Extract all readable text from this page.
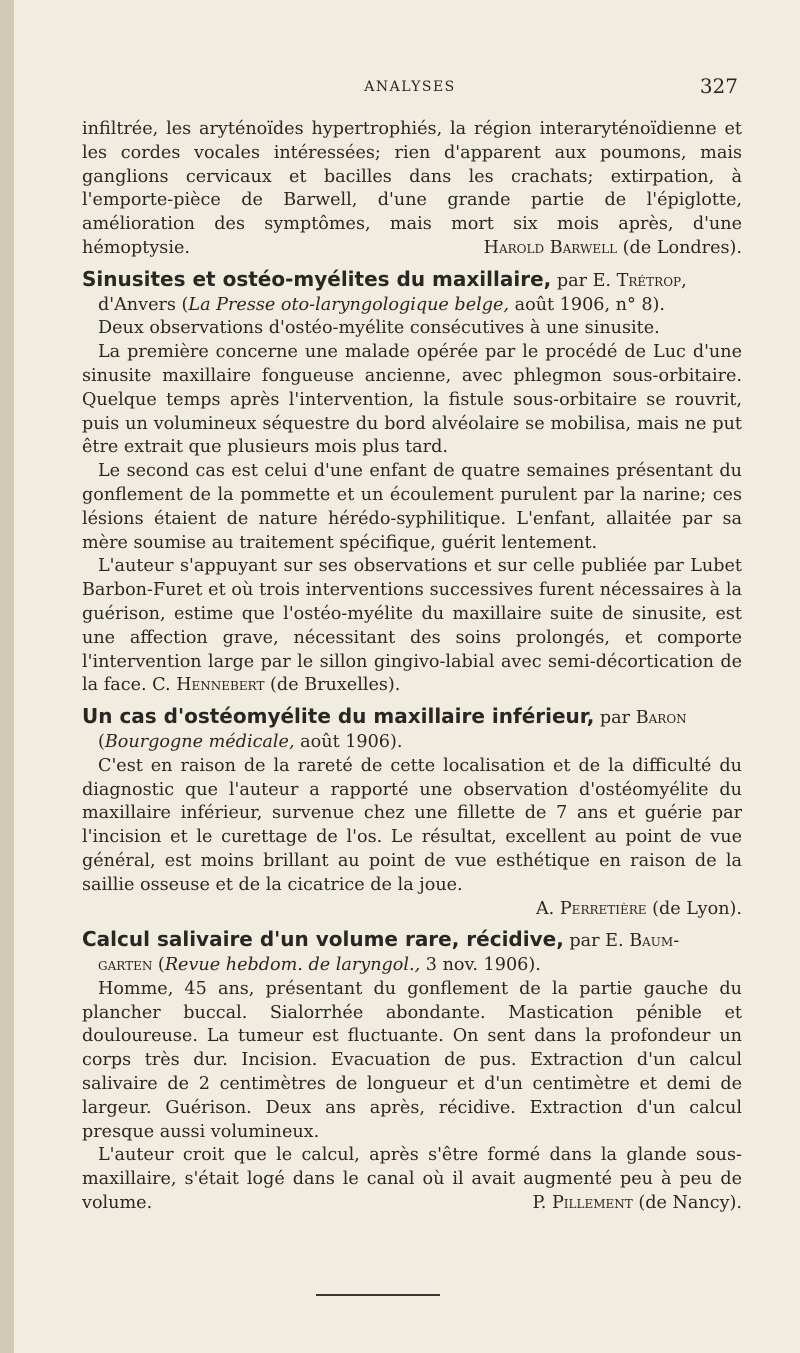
ANALYSES	327

infiltrée, les aryténoïdes hypertrophiés, la région interaryténoïdienne et les cordes vocales intéressées; rien d'apparent aux poumons, mais ganglions cervicaux et bacilles dans les crachats; extirpation, à l'emporte-pièce de Barwell, d'une grande partie de l'épiglotte, amélioration des symptômes, mais mort six mois après, d'une hémoptysie.	Harold Barwell (de Londres).

Sinusites et ostéo-myélites du maxillaire, par E. Trétrop,

d'Anvers (La Presse oto-laryngologique belge, août 1906, n° 8).

Deux observations d'ostéo-myélite consécutives à une sinusite.

La première concerne une malade opérée par le procédé de Luc d'une sinusite maxillaire fongueuse ancienne, avec phlegmon sous-orbitaire. Quelque temps après l'intervention, la fistule sous-orbitaire se rouvrit, puis un volumineux séquestre du bord alvéolaire se mobilisa, mais ne put être extrait que plusieurs mois plus tard.

Le second cas est celui d'une enfant de quatre semaines présentant du gonflement de la pommette et un écoulement purulent par la narine; ces lésions étaient de nature hérédo-syphilitique. L'enfant, allaitée par sa mère soumise au traitement spécifique, guérit lentement.

L'auteur s'appuyant sur ses observations et sur celle publiée par Lubet Barbon-Furet et où trois interventions successives furent nécessaires à la guérison, estime que l'ostéo-myélite du maxillaire suite de sinusite, est une affection grave, nécessitant des soins prolongés, et comporte l'intervention large par le sillon gingivo-labial avec semi-décortication de la face. C. Hennebert (de Bruxelles).

Un cas d'ostéomyélite du maxillaire inférieur, par Baron

(Bourgogne médicale, août 1906).

C'est en raison de la rareté de cette localisation et de la difficulté du diagnostic que l'auteur a rapporté une observation d'ostéomyélite du maxillaire inférieur, survenue chez une fillette de 7 ans et guérie par l'incision et le curettage de l'os. Le résultat, excellent au point de vue général, est moins brillant au point de vue esthétique en raison de la saillie osseuse et de la cicatrice de la joue.

A. Perretière (de Lyon).

Calcul salivaire d'un volume rare, récidive, par E. Baum-

garten (Revue hebdom. de laryngol., 3 nov. 1906).

Homme, 45 ans, présentant du gonflement de la partie gauche du plancher buccal. Sialorrhée abondante. Mastication pénible et douloureuse. La tumeur est fluctuante. On sent dans la profondeur un corps très dur. Incision. Evacuation de pus. Extraction d'un calcul salivaire de 2 centimètres de longueur et d'un centimètre et demi de largeur. Guérison. Deux ans après, récidive. Extraction d'un calcul presque aussi volumineux.

L'auteur croit que le calcul, après s'être formé dans la glande sous-maxillaire, s'était logé dans le canal où il avait augmenté peu à peu de volume.	P. Pillement (de Nancy).
